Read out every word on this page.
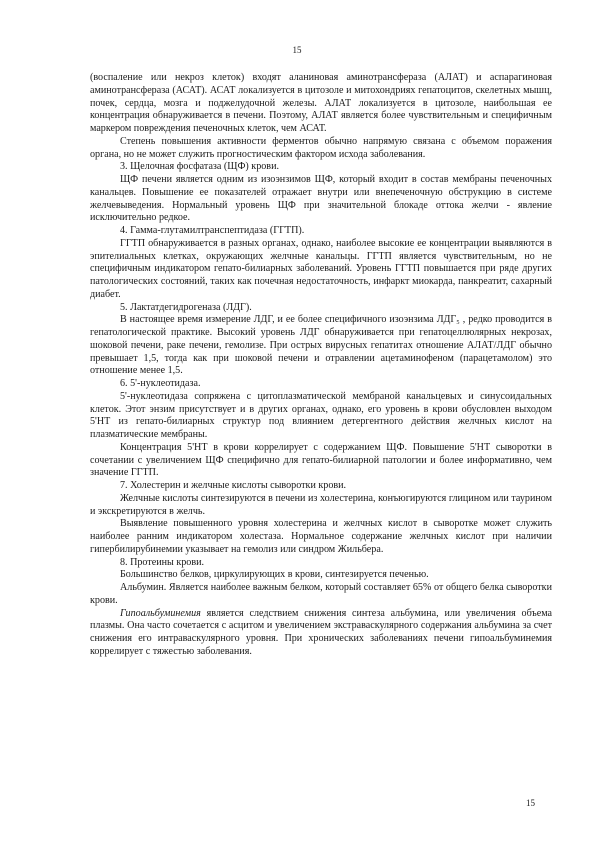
15

(воспаление или некроз клеток) входят аланиновая аминотрансфераза (АЛАТ) и аспарагиновая аминотрансфераза (АСАТ). АСАТ локализуется в цитозоле и митохондриях гепатоцитов, скелетных мышц, почек, сердца, мозга и поджелудочной железы. АЛАТ локализуется в цитозоле, наибольшая ее концентрация обнаруживается в печени. Поэтому, АЛАТ является более чувствительным и специфичным маркером повреждения печеночных клеток, чем АСАТ.

Степень повышения активности ферментов обычно напрямую связана с объемом поражения органа, но не может служить прогностическим фактором исхода заболевания.

3. Щелочная фосфатаза (ЩФ) крови.

ЩФ печени является одним из изоэнзимов ЩФ, который входит в состав мембраны печеночных канальцев. Повышение ее показателей отражает внутри или внепеченочную обструкцию в системе желчевыведения. Нормальный уровень ЩФ при значительной блокаде оттока желчи - явление исключительно редкое.

4. Гамма-глутамилтранспептидаза (ГГТП).

ГГТП обнаруживается в разных органах, однако, наиболее высокие ее концентрации выявляются в эпителиальных клетках, окружающих желчные канальцы. ГГТП является чувствительным, но не специфичным индикатором гепато-билиарных заболеваний. Уровень ГГТП повышается при ряде других патологических состояний, таких как почечная недостаточность, инфаркт миокарда, панкреатит, сахарный диабет.

5. Лактатдегидрогеназа (ЛДГ).

В настоящее время измерение ЛДГ, и ее более специфичного изоэнзима ЛДГ₅ , редко проводится в гепатологической практике. Высокий уровень ЛДГ обнаруживается при гепатоцеллюлярных некрозах, шоковой печени, раке печени, гемолизе. При острых вирусных гепатитах отношение АЛАТ/ЛДГ обычно превышает 1,5, тогда как при шоковой печени и отравлении ацетаминофеном (парацетамолом) это отношение менее 1,5.

6. 5'-нуклеотидаза.

5'-нуклеотидаза сопряжена с цитоплазматической мембраной канальцевых и синусоидальных клеток. Этот энзим присутствует и в других органах, однако, его уровень в крови обусловлен выходом 5'НТ из гепато-билиарных структур под влиянием детергентного действия желчных кислот на плазматические мембраны.

Концентрация 5'НТ в крови коррелирует с содержанием ЩФ. Повышение 5'НТ сыворотки в сочетании с увеличением ЩФ специфично для гепато-билиарной патологии и более информативно, чем значение ГГТП.

7. Холестерин и желчные кислоты сыворотки крови.

Желчные кислоты синтезируются в печени из холестерина, конъюгируются глицином или таурином и экскретируются в желчь.

Выявление повышенного уровня холестерина и желчных кислот в сыворотке может служить наиболее ранним индикатором холестаза. Нормальное содержание желчных кислот при наличии гипербилирубинемии указывает на гемолиз или синдром Жильбера.

8. Протеины крови.

Большинство белков, циркулирующих в крови, синтезируется печенью.

Альбумин. Является наиболее важным белком, который составляет 65% от общего белка сыворотки крови.

Гипоальбуминемия является следствием снижения синтеза альбумина, или увеличения объема плазмы. Она часто сочетается с асцитом и увеличением экстраваскулярного содержания альбумина за счет снижения его интраваскулярного уровня. При хронических заболеваниях печени гипоальбуминемия коррелирует с тяжестью заболевания.

15
